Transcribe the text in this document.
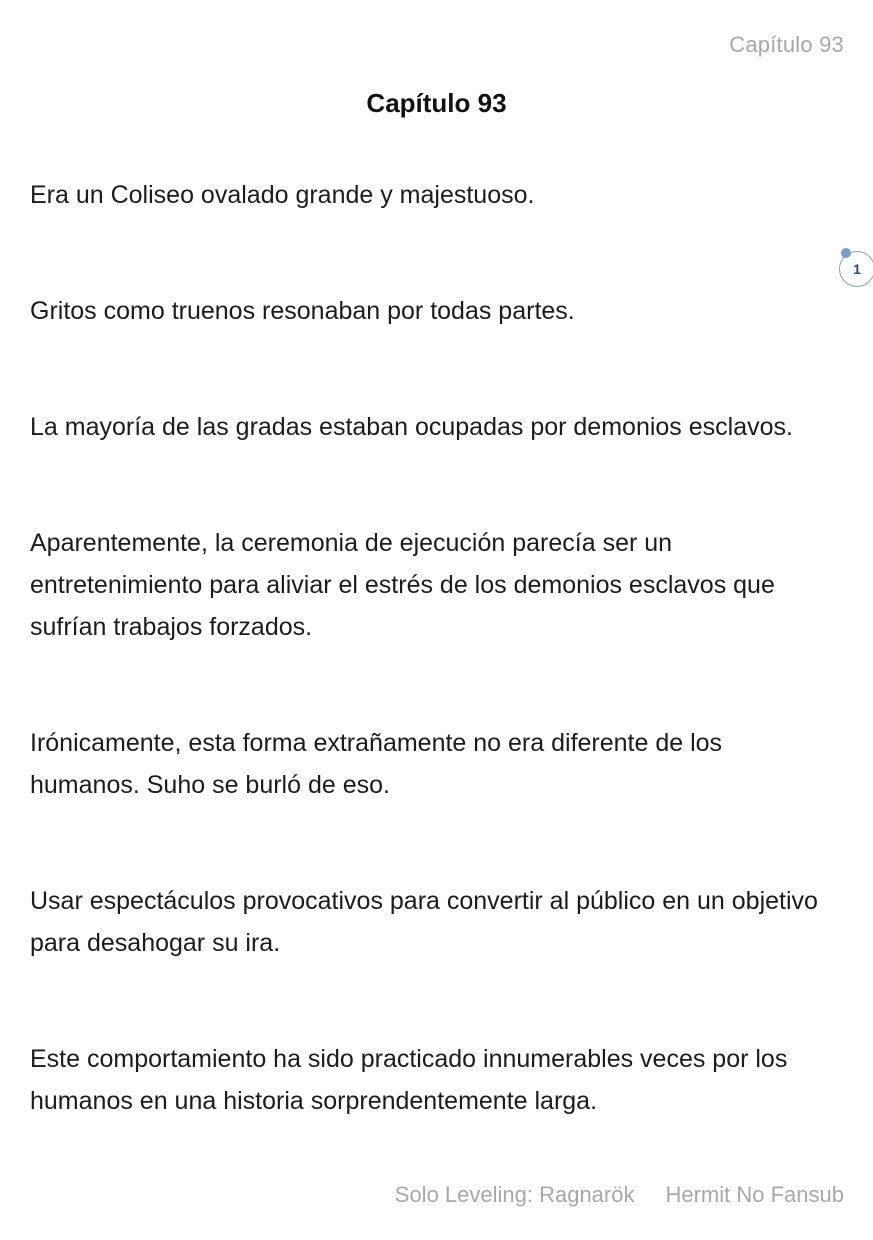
Capítulo 93
Capítulo 93

Era un Coliseo ovalado grande y majestuoso.

Gritos como truenos resonaban por todas partes.

La mayoría de las gradas estaban ocupadas por demonios esclavos.

Aparentemente, la ceremonia de ejecución parecía ser un entretenimiento para aliviar el estrés de los demonios esclavos que sufrían trabajos forzados.

Irónicamente, esta forma extrañamente no era diferente de los humanos. Suho se burló de eso.

Usar espectáculos provocativos para convertir al público en un objetivo para desahogar su ira.

Este comportamiento ha sido practicado innumerables veces por los humanos en una historia sorprendentemente larga.

1
Solo Leveling: Ragnarök Hermit No Fansub
